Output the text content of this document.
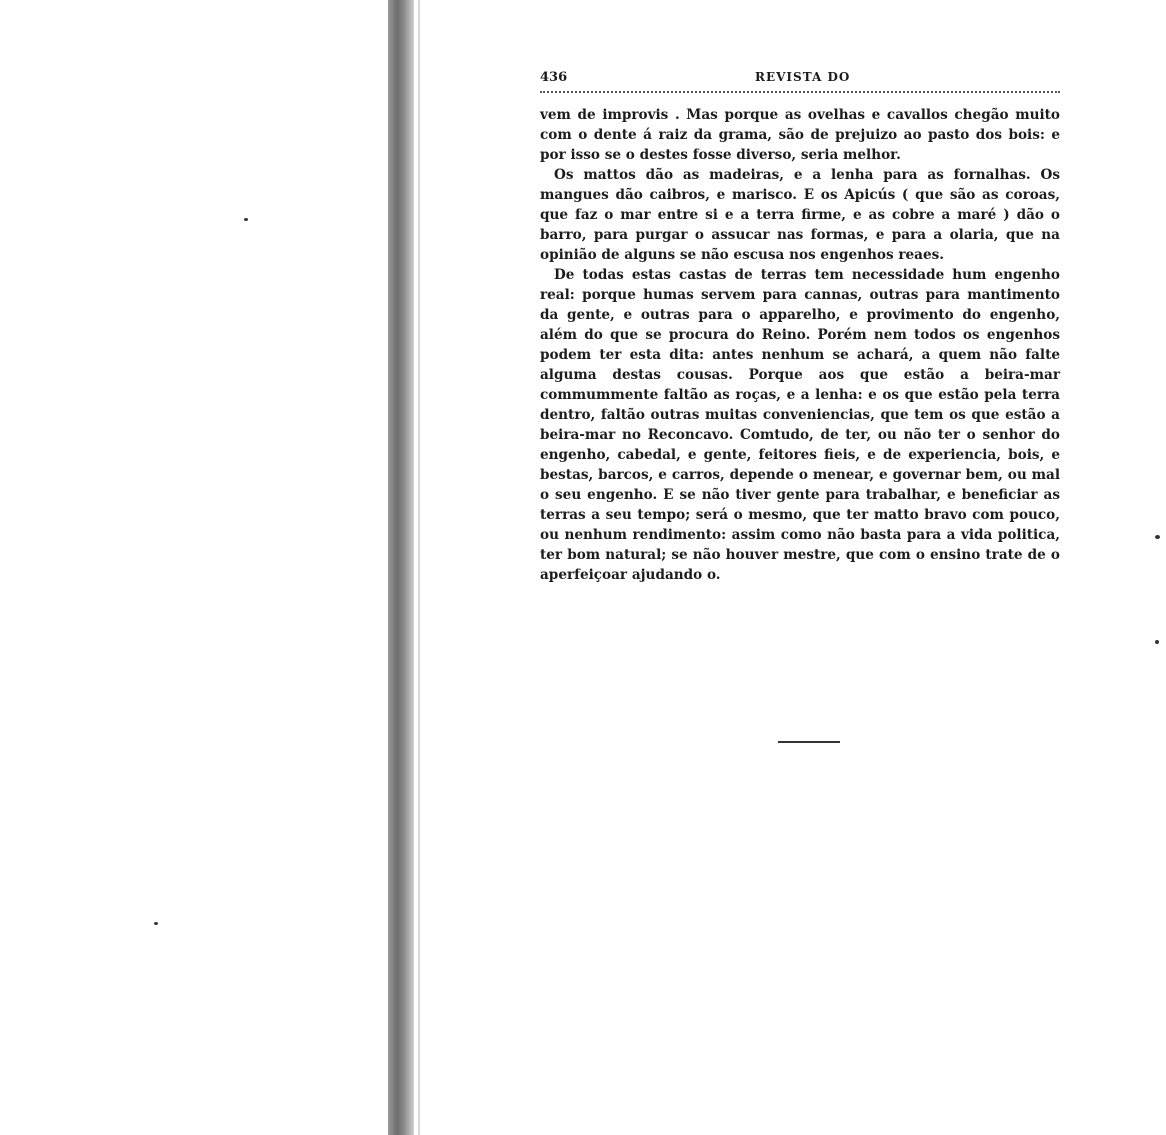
436	REVISTA DO

vem de improvis . Mas porque as ovelhas e cavallos chegão muito com o dente á raiz da grama, são de prejuizo ao pasto dos bois: e por isso se o destes fosse diverso, seria melhor.

Os mattos dão as madeiras, e a lenha para as fornalhas. Os mangues dão caibros, e marisco. E os Apicús ( que são as coroas, que faz o mar entre si e a terra firme, e as cobre a maré ) dão o barro, para purgar o assucar nas formas, e para a olaria, que na opinião de alguns se não escusa nos engenhos reaes.

De todas estas castas de terras tem necessidade hum engenho real: porque humas servem para cannas, outras para mantimento da gente, e outras para o apparelho, e provimento do engenho, além do que se procura do Reino. Porém nem todos os engenhos podem ter esta dita: antes nenhum se achará, a quem não falte alguma destas cousas. Porque aos que estão a beira-mar commummente faltão as roças, e a lenha: e os que estão pela terra dentro, faltão outras muitas conveniencias, que tem os que estão a beira-mar no Reconcavo. Comtudo, de ter, ou não ter o senhor do engenho, cabedal, e gente, feitores fieis, e de experiencia, bois, e bestas, barcos, e carros, depende o menear, e governar bem, ou mal o seu engenho. E se não tiver gente para trabalhar, e beneficiar as terras a seu tempo; será o mesmo, que ter matto bravo com pouco, ou nenhum rendimento: assim como não basta para a vida politica, ter bom natural; se não houver mestre, que com o ensino trate de o aperfeiçoar ajudando o.
